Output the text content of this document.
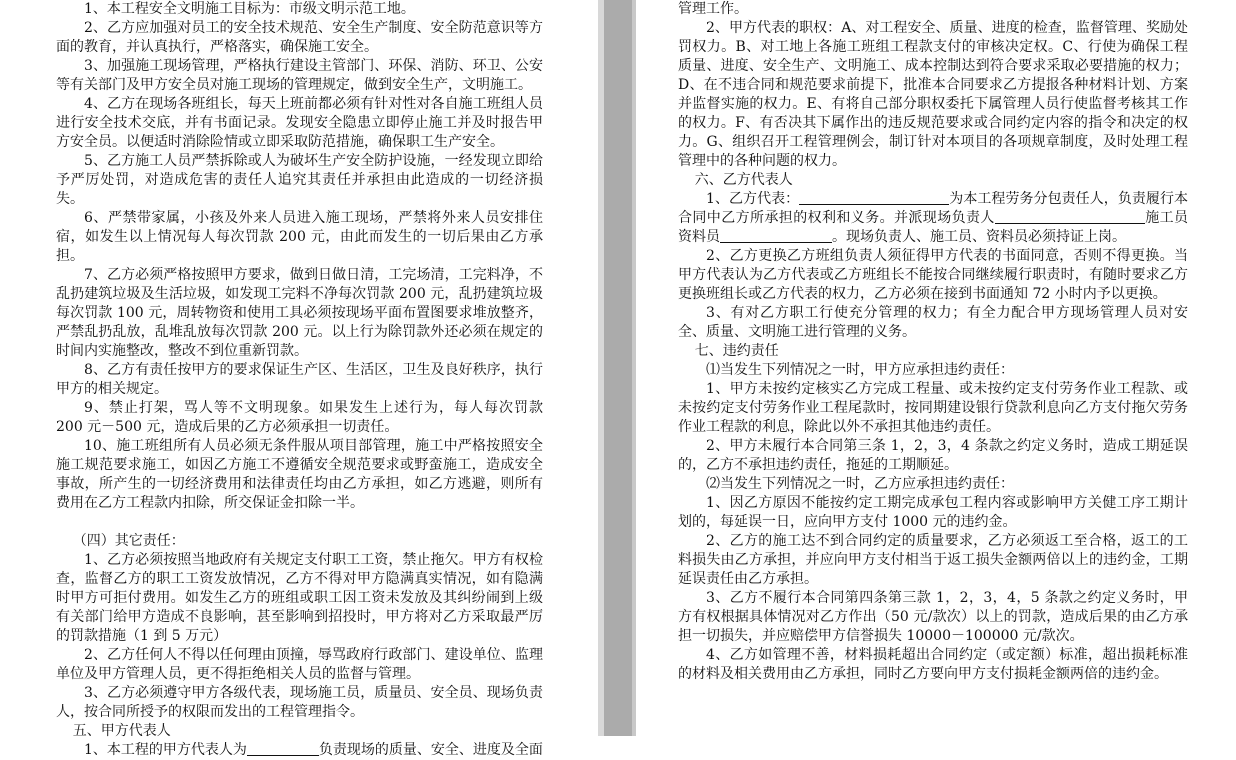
1、本工程安全文明施工目标为：市级文明示范工地。

2、乙方应加强对员工的安全技术规范、安全生产制度、安全防范意识等方面的教育，并认真执行，严格落实，确保施工安全。

3、加强施工现场管理，严格执行建设主管部门、环保、消防、环卫、公安等有关部门及甲方安全员对施工现场的管理规定，做到安全生产，文明施工。

4、乙方在现场各班组长，每天上班前都必须有针对性对各自施工班组人员进行安全技术交底，并有书面记录。发现安全隐患立即停止施工并及时报告甲方安全员。以便适时消除险情或立即采取防范措施，确保职工生产安全。

5、乙方施工人员严禁拆除或人为破坏生产安全防护设施，一经发现立即给予严厉处罚，对造成危害的责任人追究其责任并承担由此造成的一切经济损失。

6、严禁带家属，小孩及外来人员进入施工现场，严禁将外来人员安排住宿，如发生以上情况每人每次罚款 200 元，由此而发生的一切后果由乙方承担。

7、乙方必须严格按照甲方要求，做到日做日清，工完场清，工完料净，不乱扔建筑垃圾及生活垃圾，如发现工完料不净每次罚款 200 元，乱扔建筑垃圾每次罚款 100 元，周转物资和使用工具必须按现场平面布置图要求堆放整齐，严禁乱扔乱放，乱堆乱放每次罚款 200 元。以上行为除罚款外还必须在规定的时间内实施整改，整改不到位重新罚款。

8、乙方有责任按甲方的要求保证生产区、生活区，卫生及良好秩序，执行甲方的相关规定。

9、禁止打架，骂人等不文明现象。如果发生上述行为，每人每次罚款 200 元－500 元，造成后果的乙方必须承担一切责任。

10、施工班组所有人员必须无条件服从项目部管理，施工中严格按照安全施工规范要求施工，如因乙方施工不遵循安全规范要求或野蛮施工，造成安全事故，所产生的一切经济费用和法律责任均由乙方承担，如乙方逃避，则所有费用在乙方工程款内扣除，所交保证金扣除一半。

（四）其它责任：

1、乙方必须按照当地政府有关规定支付职工工资，禁止拖欠。甲方有权检查，监督乙方的职工工资发放情况，乙方不得对甲方隐满真实情况，如有隐满时甲方可拒付费用。如发生乙方的班组或职工因工资未发放及其纠纷闹到上级有关部门给甲方造成不良影响，甚至影响到招投时，甲方将对乙方采取最严厉的罚款措施（1 到 5 万元）

2、乙方任何人不得以任何理由顶撞，辱骂政府行政部门、建设单位、监理单位及甲方管理人员，更不得拒绝相关人员的监督与管理。

3、乙方必须遵守甲方各级代表，现场施工员，质量员、安全员、现场负责人，按合同所授予的权限而发出的工程管理指令。

五、甲方代表人

1、本工程的甲方代表人为	负责现场的质量、安全、进度及全面

管理工作。

2、甲方代表的职权：A、对工程安全、质量、进度的检查，监督管理、奖励处罚权力。B、对工地上各施工班组工程款支付的审核决定权。C、行使为确保工程质量、进度、安全生产、文明施工、成本控制达到符合要求采取必要措施的权力；D、在不违合同和规范要求前提下，批准本合同要求乙方提报各种材料计划、方案并监督实施的权力。E、有将自己部分职权委托下属管理人员行使监督考核其工作的权力。F、有否决其下属作出的违反规范要求或合同约定内容的指令和决定的权力。G、组织召开工程管理例会，制订针对本项目的各项规章制度，及时处理工程管理中的各种问题的权力。

六、乙方代表人

1、乙方代表：	为本工程劳务分包责任人，负责履行本合同中乙方所承担的权利和义务。并派现场负责人	施工员资料员	。现场负责人、施工员、资料员必须持证上岗。

2、乙方更换乙方班组负责人须征得甲方代表的书面同意，否则不得更换。当甲方代表认为乙方代表或乙方班组长不能按合同继续履行职责时，有随时要求乙方更换班组长或乙方代表的权力，乙方必须在接到书面通知 72 小时内予以更换。

3、有对乙方职工行使充分管理的权力；有全力配合甲方现场管理人员对安全、质量、文明施工进行管理的义务。

七、违约责任

⑴当发生下列情况之一时，甲方应承担违约责任：

1、甲方未按约定核实乙方完成工程量、或未按约定支付劳务作业工程款、或未按约定支付劳务作业工程尾款时，按同期建设银行贷款利息向乙方支付拖欠劳务作业工程款的利息，除此以外不承担其他违约责任。

2、甲方未履行本合同第三条 1，2，3，4 条款之约定义务时，造成工期延误的，乙方不承担违约责任，拖延的工期顺延。

⑵当发生下列情况之一时，乙方应承担违约责任：

1、因乙方原因不能按约定工期完成承包工程内容或影响甲方关健工序工期计划的，每延误一日，应向甲方支付 1000 元的违约金。

2、乙方的施工达不到合同约定的质量要求，乙方必须返工至合格，返工的工料损失由乙方承担，并应向甲方支付相当于返工损失金额两倍以上的违约金，工期延误责任由乙方承担。

3、乙方不履行本合同第四条第三款 1，2，3，4，5 条款之约定义务时，甲方有权根据具体情况对乙方作出（50 元/款次）以上的罚款，造成后果的由乙方承担一切损失，并应赔偿甲方信誉损失 10000－100000 元/款次。

4、乙方如管理不善，材料损耗超出合同约定（或定额）标准，超出损耗标准的材料及相关费用由乙方承担，同时乙方要向甲方支付损耗金额两倍的违约金。
